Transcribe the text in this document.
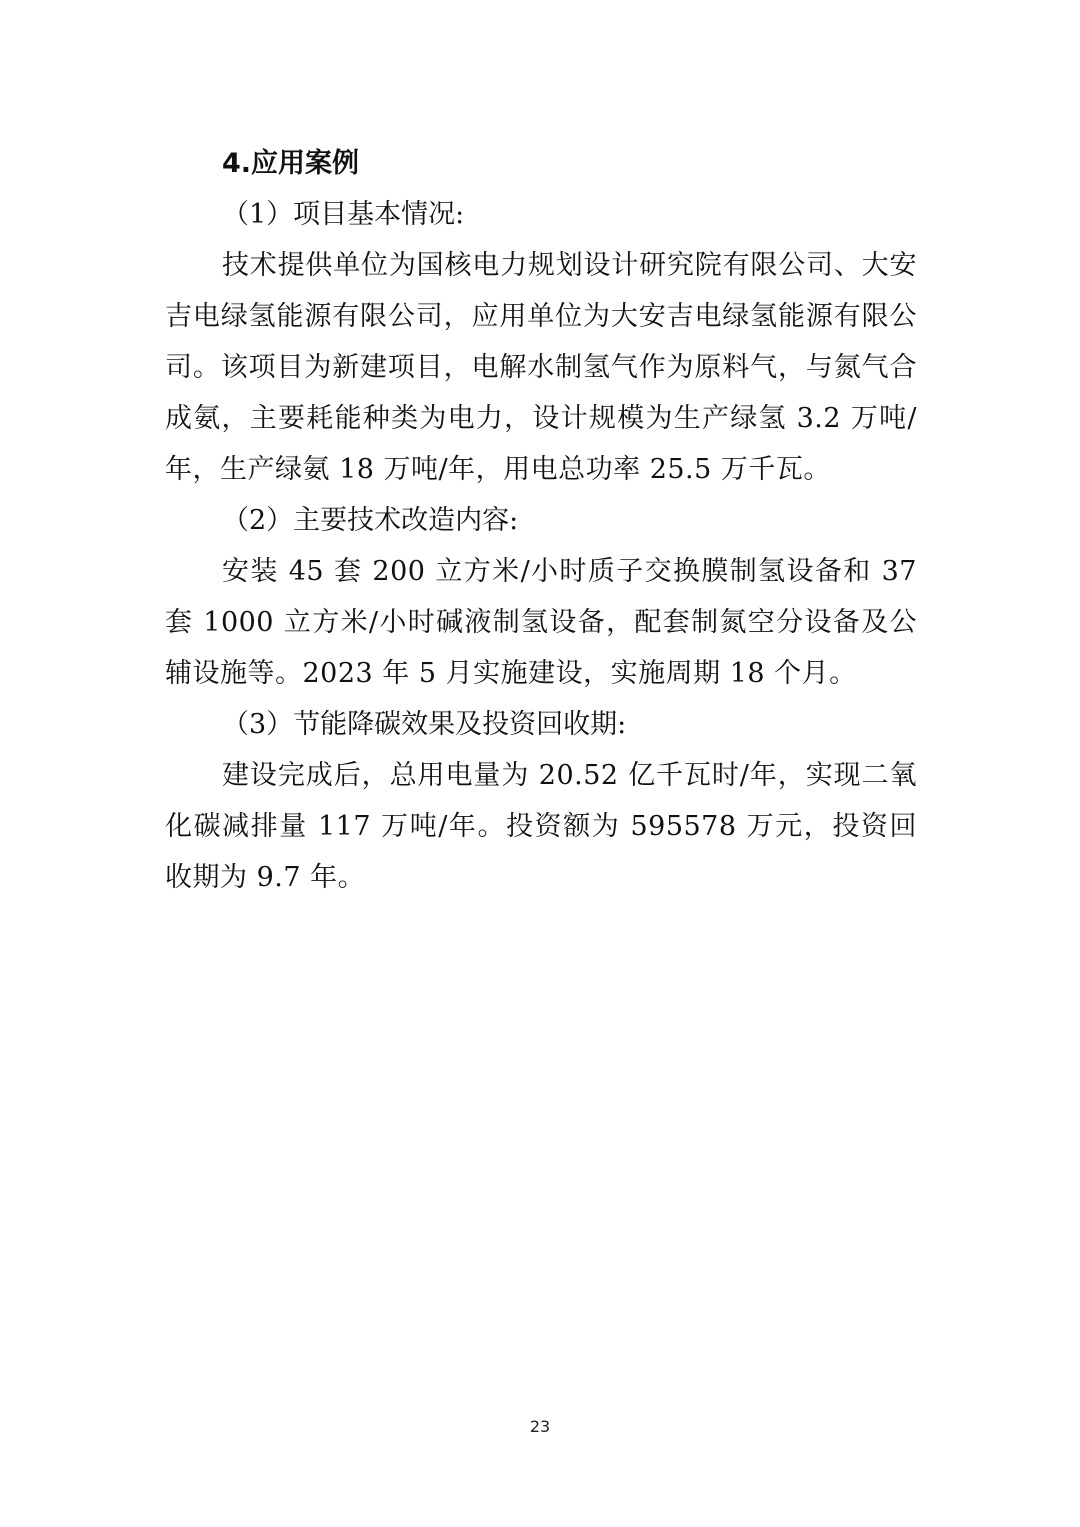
4.应用案例
（1）项目基本情况:

技术提供单位为国核电力规划设计研究院有限公司、大安吉电绿氢能源有限公司，应用单位为大安吉电绿氢能源有限公司。该项目为新建项目，电解水制氢气作为原料气，与氮气合成氨，主要耗能种类为电力，设计规模为生产绿氢 3.2 万吨/年，生产绿氨 18 万吨/年，用电总功率 25.5 万千瓦。

（2）主要技术改造内容:

安装 45 套 200 立方米/小时质子交换膜制氢设备和 37 套 1000 立方米/小时碱液制氢设备，配套制氮空分设备及公辅设施等。2023 年 5 月实施建设，实施周期 18 个月。

（3）节能降碳效果及投资回收期:

建设完成后，总用电量为 20.52 亿千瓦时/年，实现二氧化碳减排量 117 万吨/年。投资额为 595578 万元，投资回收期为 9.7 年。

23
